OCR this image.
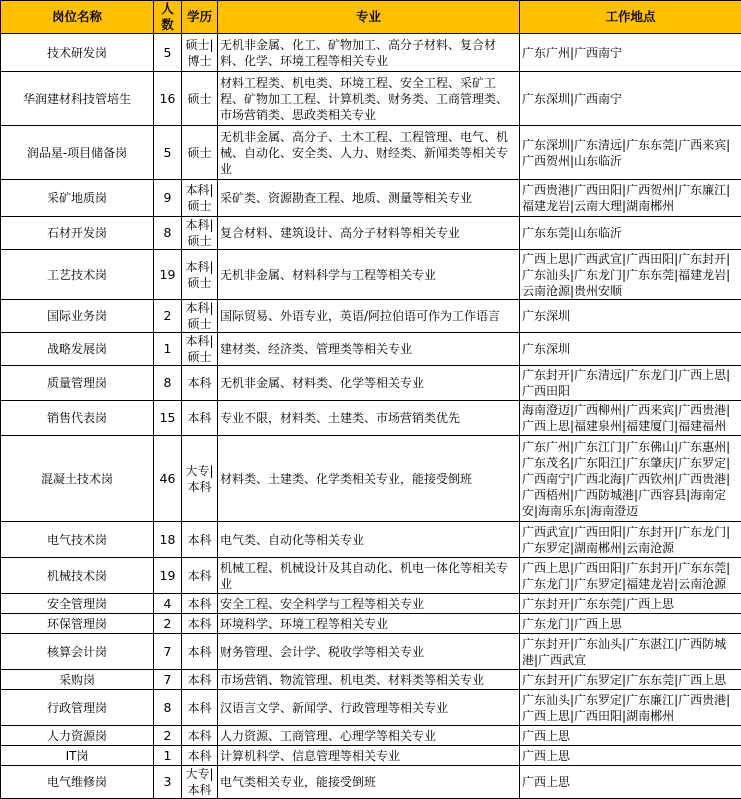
岗位名称	人数	学历	专业	工作地点
技术研发岗	5	硕士|博士	无机非金属、化工、矿物加工、高分子材料、复合材料、化学、环境工程等相关专业	广东广州|广西南宁
华润建材科技管培生	16	硕士	材料工程类、机电类、环境工程、安全工程、采矿工程、矿物加工工程、计算机类、财务类、工商管理类、市场营销类、思政类相关专业	广东深圳|广西南宁
润品星-项目储备岗	5	硕士	无机非金属、高分子、土木工程、工程管理、电气、机械、自动化、安全类、人力、财经类、新闻类等相关专业	广东深圳|广东清远|广东东莞|广西来宾|广西贺州|山东临沂
采矿地质岗	9	本科|硕士	采矿类、资源勘查工程、地质、测量等相关专业	广西贵港|广西田阳|广西贺州|广东廉江|福建龙岩|云南大理|湖南郴州
石材开发岗	8	本科|硕士	复合材料、建筑设计、高分子材料等相关专业	广东东莞|山东临沂
工艺技术岗	19	本科|硕士	无机非金属、材料科学与工程等相关专业	广西上思|广西武宣|广西田阳|广东封开|广东汕头|广东龙门|广东东莞|福建龙岩|云南沧源|贵州安顺
国际业务岗	2	本科|硕士	国际贸易、外语专业，英语/阿拉伯语可作为工作语言	广东深圳
战略发展岗	1	本科|硕士	建材类、经济类、管理类等相关专业	广东深圳
质量管理岗	8	本科	无机非金属、材料类、化学等相关专业	广东封开|广东清远|广东龙门|广西上思|广西田阳
销售代表岗	15	本科	专业不限，材料类、土建类、市场营销类优先	海南澄迈|广西柳州|广西来宾|广西贵港|广西上思|福建泉州|福建厦门|福建福州
混凝土技术岗	46	大专|本科	材料类、土建类、化学类相关专业，能接受倒班	广东广州|广东江门|广东佛山|广东惠州|广东茂名|广东阳江|广东肇庆|广东罗定|广西南宁|广西北海|广西钦州|广西贵港|广西梧州|广西防城港|广西容县|海南定安|海南乐东|海南澄迈
电气技术岗	18	本科	电气类、自动化等相关专业	广西武宣|广西田阳|广东封开|广东龙门|广东罗定|湖南郴州|云南沧源
机械技术岗	19	本科	机械工程、机械设计及其自动化、机电一体化等相关专业	广西上思|广西田阳|广东封开|广东东莞|广东龙门|广东罗定|福建龙岩|云南沧源
安全管理岗	4	本科	安全工程、安全科学与工程等相关专业	广东封开|广东东莞|广西上思
环保管理岗	2	本科	环境科学、环境工程等相关专业	广东龙门|广西上思
核算会计岗	7	本科	财务管理、会计学、税收学等相关专业	广东封开|广东汕头|广东湛江|广西防城港|广西武宣
采购岗	7	本科	市场营销、物流管理、机电类、材料类等相关专业	广东封开|广东罗定|广东东莞|广西上思
行政管理岗	8	本科	汉语言文学、新闻学、行政管理等相关专业	广东汕头|广东罗定|广东廉江|广西贵港|广西上思|广西田阳|湖南郴州
人力资源岗	2	本科	人力资源、工商管理、心理学等相关专业	广西上思
IT岗	1	本科	计算机科学、信息管理等相关专业	广西上思
电气维修岗	3	大专|本科	电气类相关专业，能接受倒班	广西上思
